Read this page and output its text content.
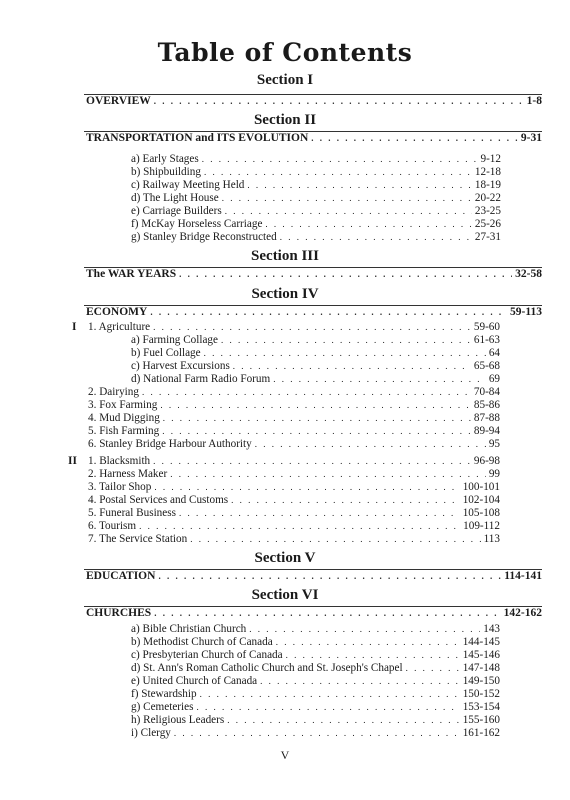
Table of Contents
Section I
OVERVIEW . . .	1-8
Section II
TRANSPORTATION and ITS EVOLUTION . . .	9-31
a) Early Stages . . .	9-12
b) Shipbuilding . . .	12-18
c) Railway Meeting Held . . .	18-19
d) The Light House . . .	20-22
e) Carriage Builders . . .	23-25
f) McKay Horseless Carriage . . .	25-26
g) Stanley Bridge Reconstructed . . .	27-31
Section III
The WAR YEARS . . .	32-58
Section IV
ECONOMY . . .	59-113
I 1. Agriculture . . .	59-60
a) Farming Collage . . .	61-63
b) Fuel Collage . . .	64
c) Harvest Excursions . . .	65-68
d) National Farm Radio Forum . . .	69
2. Dairying . . .	70-84
3. Fox Farming . . .	85-86
4. Mud Digging . . .	87-88
5. Fish Farming . . .	89-94
6. Stanley Bridge Harbour Authority . . .	95
II 1. Blacksmith . . .	96-98
2. Harness Maker . . .	99
3. Tailor Shop . . .	100-101
4. Postal Services and Customs . . .	102-104
5. Funeral Business . . .	105-108
6. Tourism . . .	109-112
7. The Service Station . . .	113
Section V
EDUCATION . . .	114-141
Section VI
CHURCHES . . .	142-162
a) Bible Christian Church . . .	143
b) Methodist Church of Canada . . .	144-145
c) Presbyterian Church of Canada . . .	145-146
d) St. Ann's Roman Catholic Church and St. Joseph's Chapel . . .	147-148
e) United Church of Canada . . .	149-150
f) Stewardship . . .	150-152
g) Cemeteries . . .	153-154
h) Religious Leaders . . .	155-160
i) Clergy . . .	161-162
V
